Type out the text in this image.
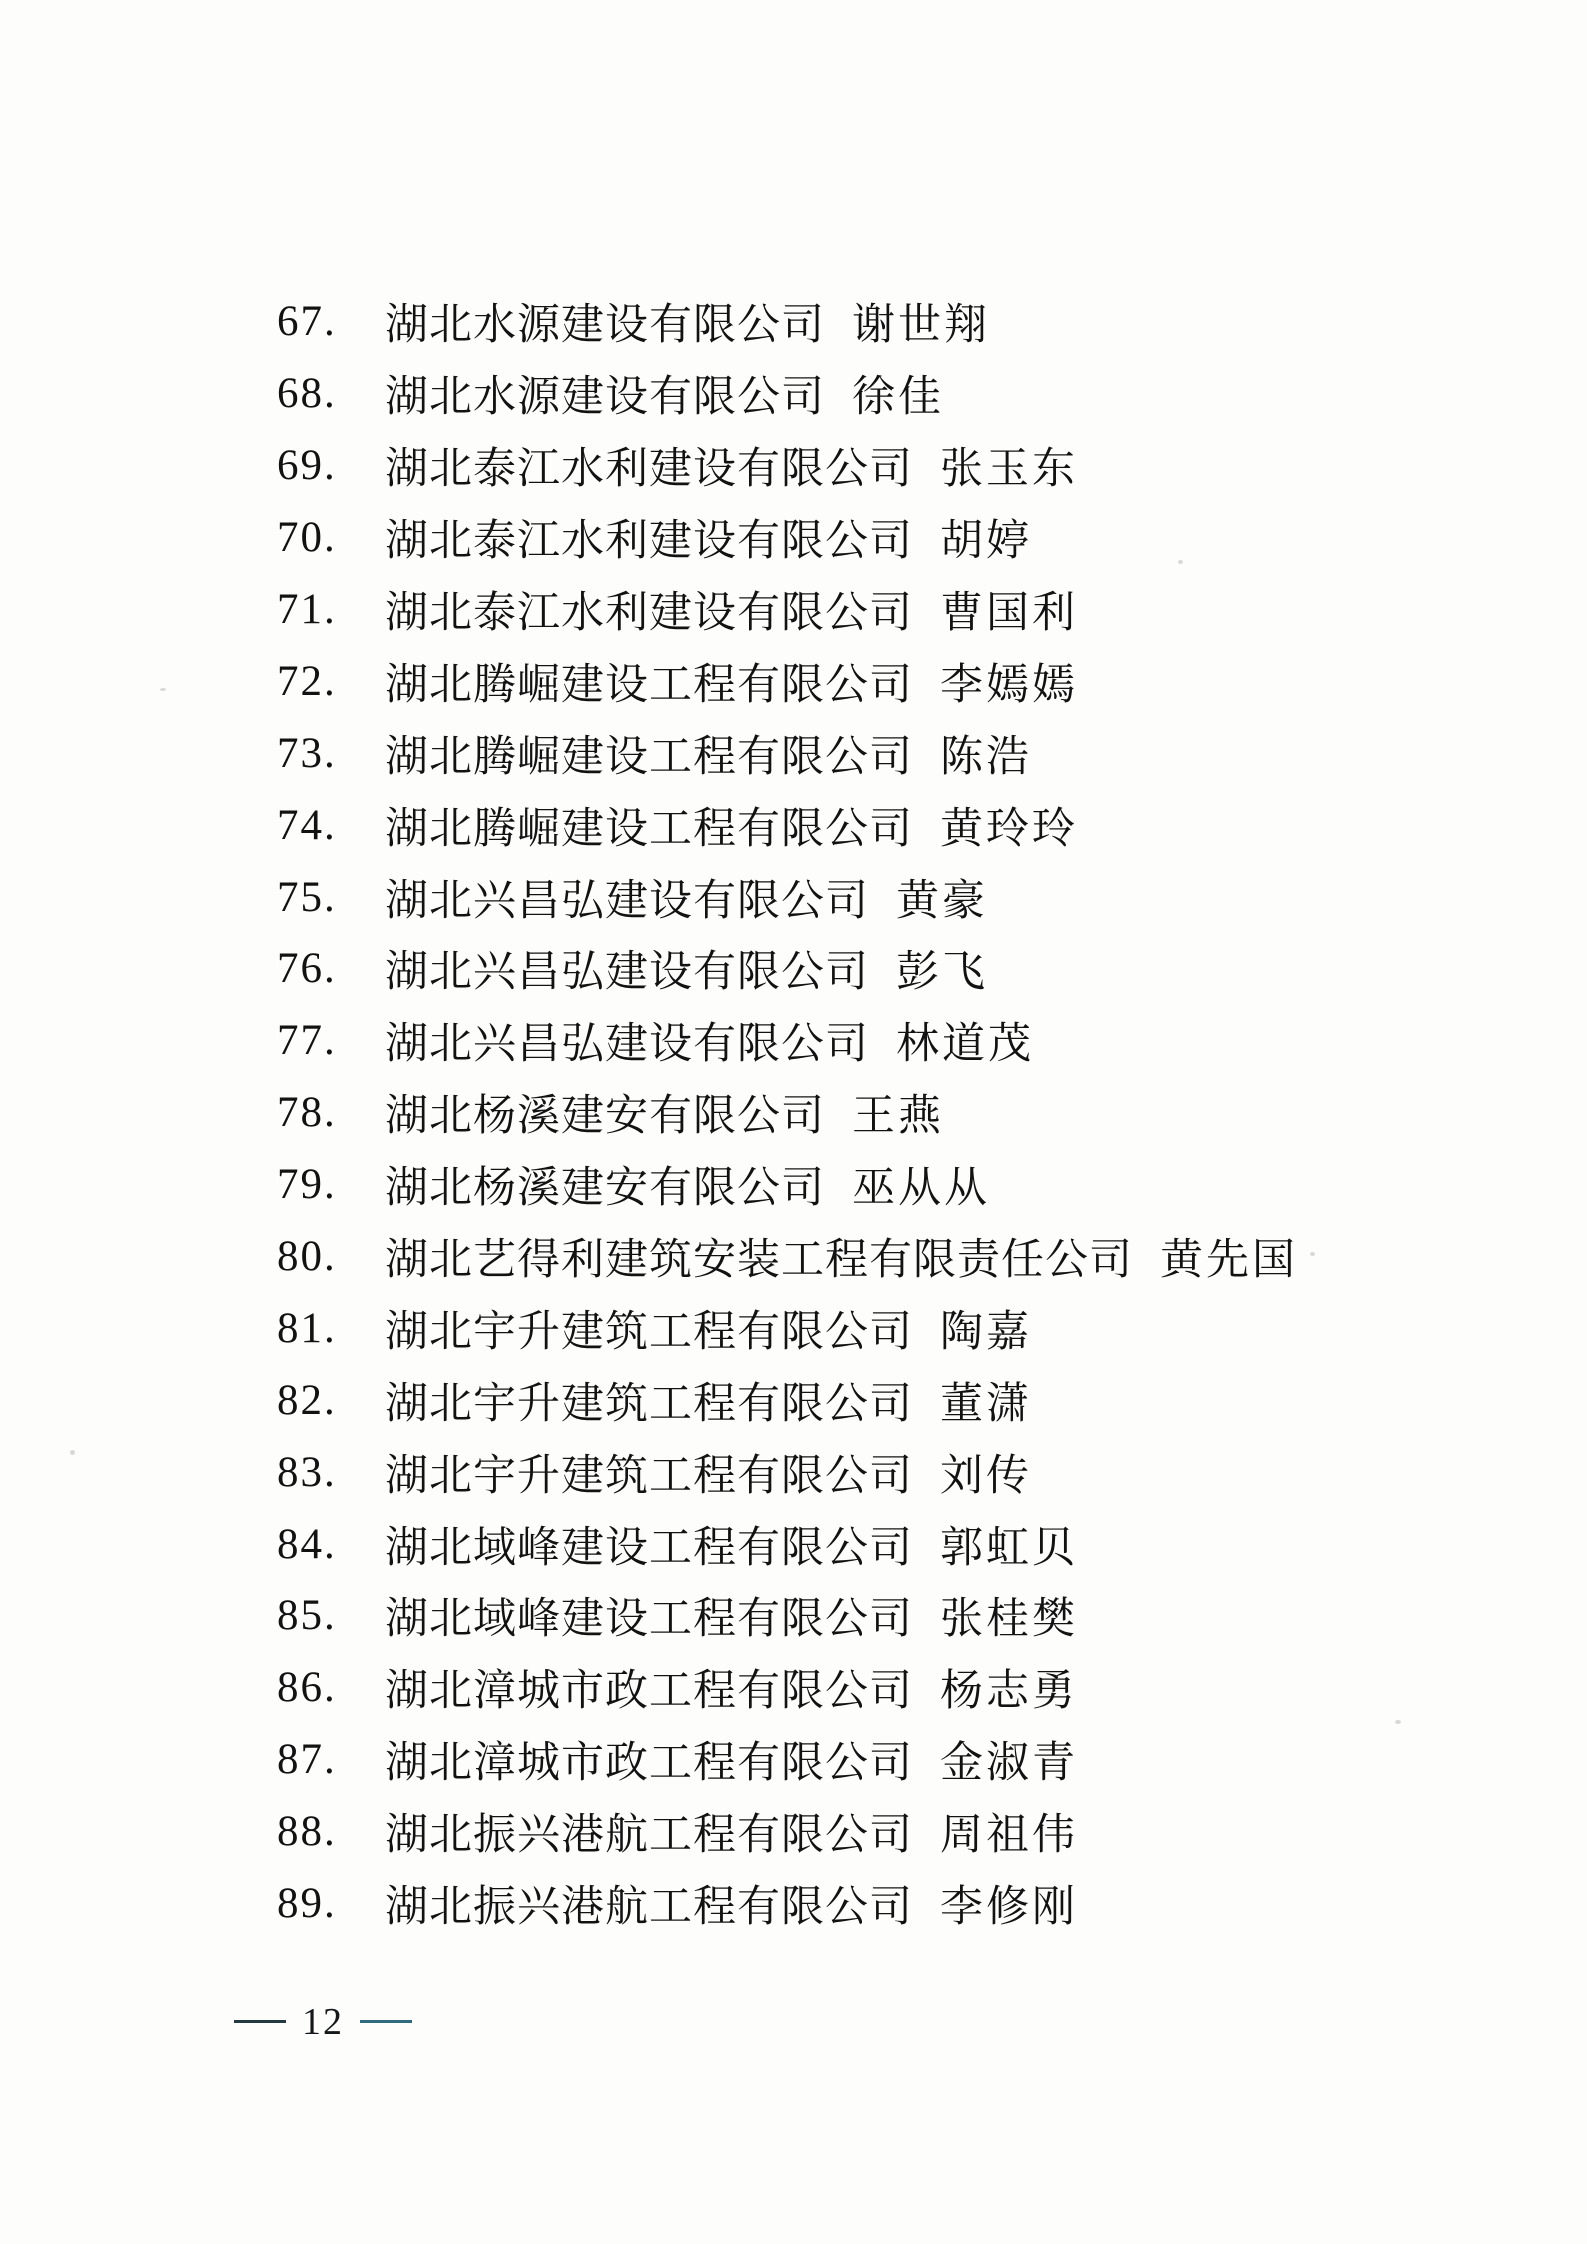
67.	湖北水源建设有限公司 谢世翔
68.	湖北水源建设有限公司 徐佳
69.	湖北泰江水利建设有限公司 张玉东
70.	湖北泰江水利建设有限公司 胡婷
71.	湖北泰江水利建设有限公司 曹国利
72.	湖北腾崛建设工程有限公司 李嫣嫣
73.	湖北腾崛建设工程有限公司 陈浩
74.	湖北腾崛建设工程有限公司 黄玲玲
75.	湖北兴昌弘建设有限公司 黄豪
76.	湖北兴昌弘建设有限公司 彭飞
77.	湖北兴昌弘建设有限公司 林道茂
78.	湖北杨溪建安有限公司 王燕
79.	湖北杨溪建安有限公司 巫从从
80.	湖北艺得利建筑安装工程有限责任公司 黄先国
81.	湖北宇升建筑工程有限公司 陶嘉
82.	湖北宇升建筑工程有限公司 董潇
83.	湖北宇升建筑工程有限公司 刘传
84.	湖北域峰建设工程有限公司 郭虹贝
85.	湖北域峰建设工程有限公司 张桂樊
86.	湖北漳城市政工程有限公司 杨志勇
87.	湖北漳城市政工程有限公司 金淑青
88.	湖北振兴港航工程有限公司 周祖伟
89.	湖北振兴港航工程有限公司 李修刚
12
